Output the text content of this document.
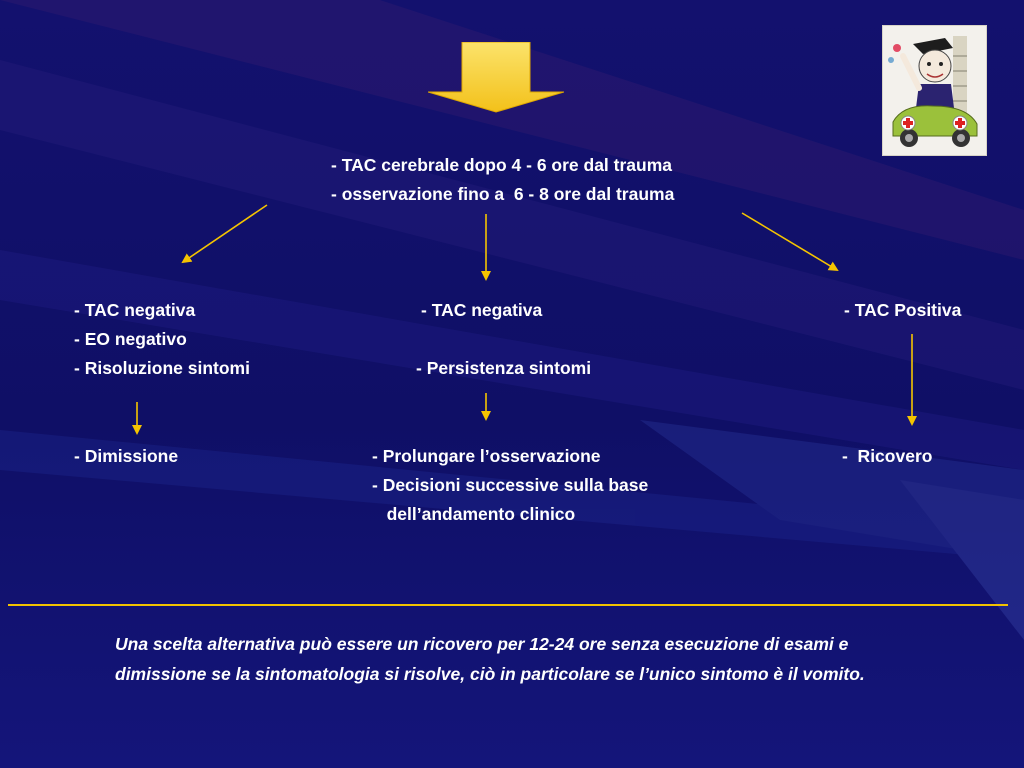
- TAC cerebrale dopo 4 - 6 ore dal trauma

- osservazione fino a  6 - 8 ore dal trauma

- TAC negativa

- EO negativo

- Risoluzione sintomi

- Dimissione

- TAC negativa

- Persistenza sintomi

- Prolungare l’osservazione

- Decisioni successive sulla base

dell’andamento clinico

- TAC Positiva

-  Ricovero

Una scelta alternativa può essere un ricovero per 12-24 ore senza esecuzione di esami e dimissione se la sintomatologia si risolve, ciò in particolare se l’unico sintomo è il vomito.
